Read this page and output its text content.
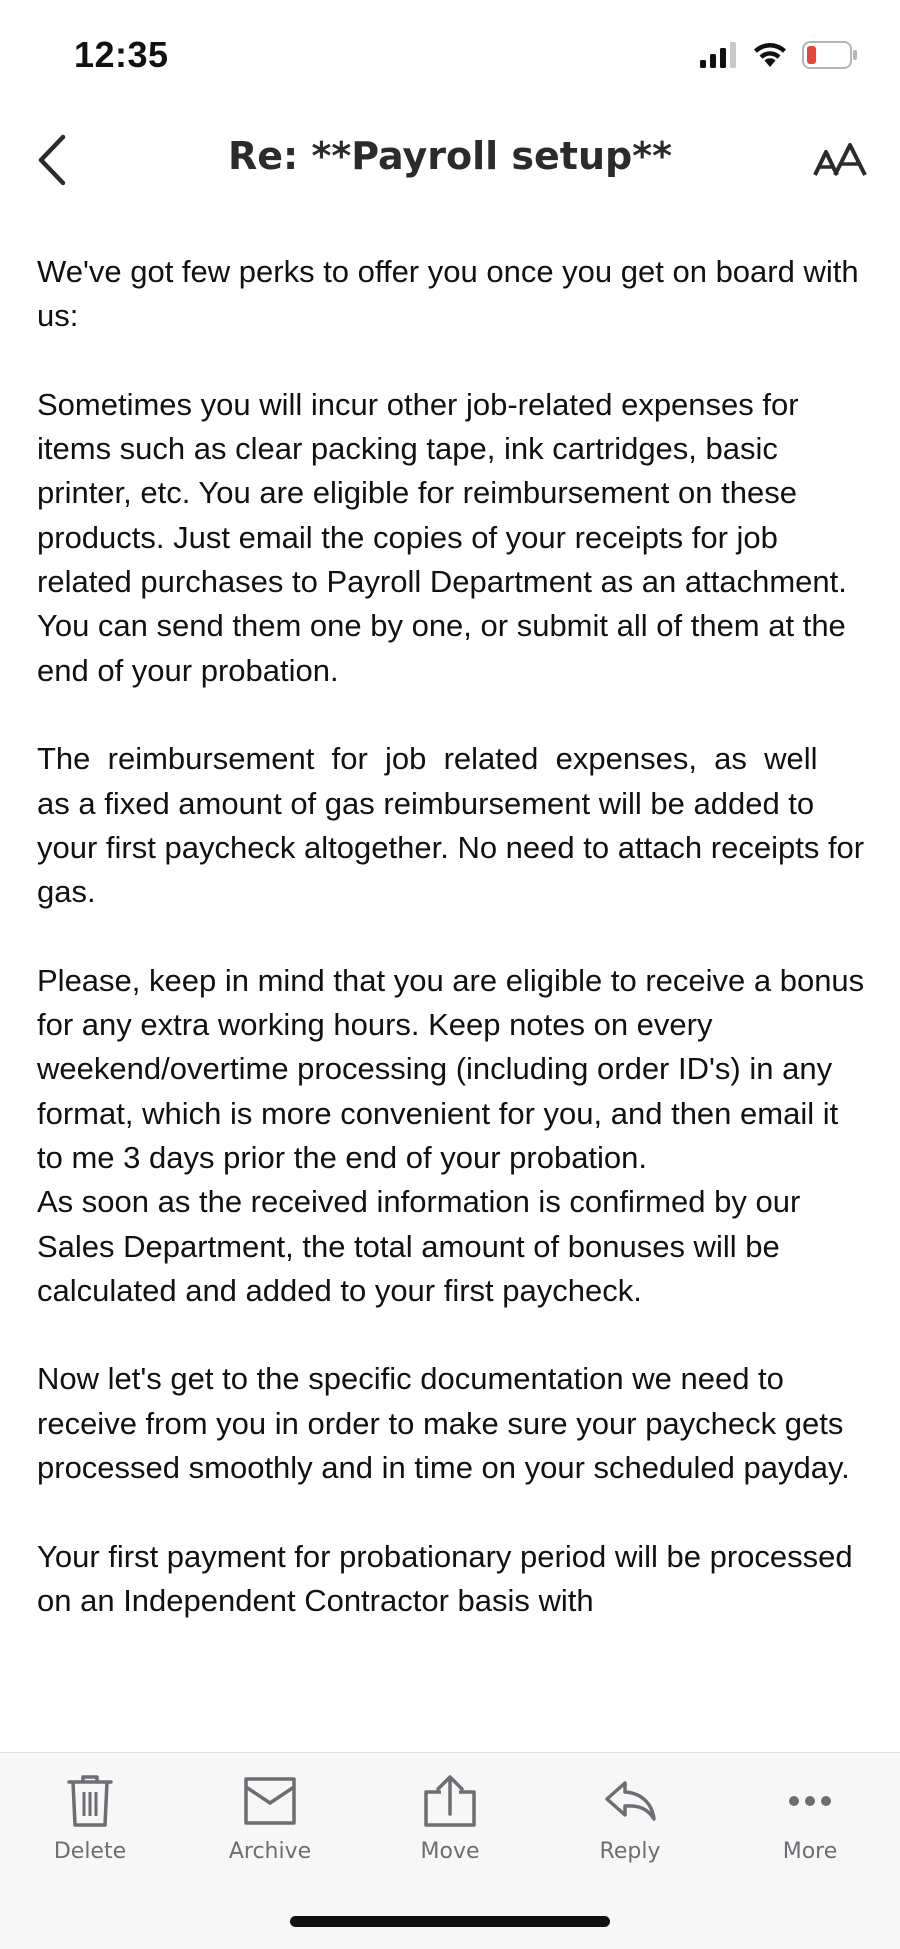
12:35
Re: **Payroll setup**

We've got few perks to offer you once you get on board with us:

Sometimes you will incur other job-related expenses for items such as clear packing tape, ink cartridges, basic printer, etc. You are eligible for reimbursement on these products. Just email the copies of your receipts for job related purchases to Payroll Department as an attachment. You can send them one by one, or submit all of them at the end of your probation.

The  reimbursement  for  job  related  expenses,  as  well  as a fixed amount of gas reimbursement will be added to your first paycheck altogether. No need to attach receipts for gas.

Please, keep in mind that you are eligible to receive a bonus for any extra working hours. Keep notes on every weekend/overtime processing (including order ID's) in any format, which is more convenient for you, and then email it to me 3 days prior the end of your probation.

As soon as the received information is confirmed by our Sales Department, the total amount of bonuses will be calculated and added to your first paycheck.

Now let's get to the specific documentation we need to receive from you in order to make sure your paycheck gets processed smoothly and in time on your scheduled payday.

Your first payment for probationary period will be processed on an Independent Contractor basis with

Delete	Archive	Move	Reply	More
